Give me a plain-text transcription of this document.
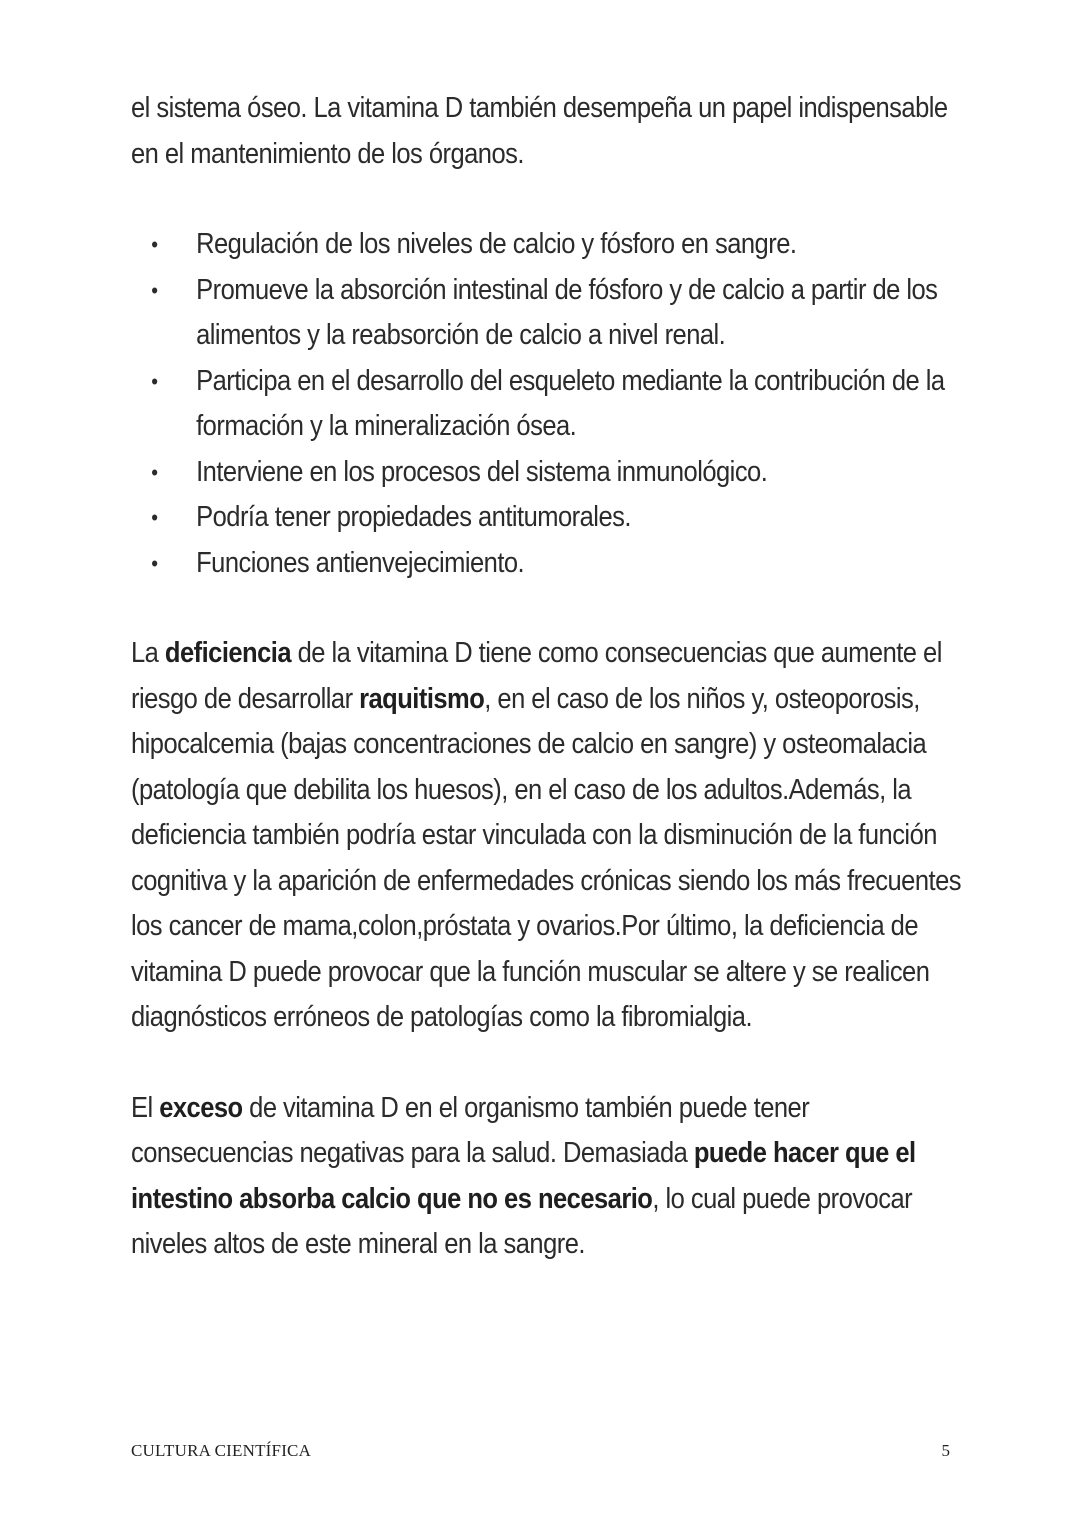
el sistema óseo. La vitamina D también desempeña un papel indispensable en el mantenimiento de los órganos.

• Regulación de los niveles de calcio y fósforo en sangre.
• Promueve la absorción intestinal de fósforo y de calcio a partir de los alimentos y la reabsorción de calcio a nivel renal.
• Participa en el desarrollo del esqueleto mediante la contribución de la formación y la mineralización ósea.
• Interviene en los procesos del sistema inmunológico.
• Podría tener propiedades antitumorales.
• Funciones antienvejecimiento.

La deficiencia de la vitamina D tiene como consecuencias que aumente el riesgo de desarrollar raquitismo, en el caso de los niños y, osteoporosis, hipocalcemia (bajas concentraciones de calcio en sangre) y osteomalacia (patología que debilita los huesos), en el caso de los adultos.Además, la deficiencia también podría estar vinculada con la disminución de la función cognitiva y la aparición de enfermedades crónicas siendo los más frecuentes los cancer de mama,colon,próstata y ovarios.Por último, la deficiencia de vitamina D puede provocar que la función muscular se altere y se realicen diagnósticos erróneos de patologías como la fibromialgia.

El exceso de vitamina D en el organismo también puede tener consecuencias negativas para la salud. Demasiada puede hacer que el intestino absorba calcio que no es necesario, lo cual puede provocar niveles altos de este mineral en la sangre.

CULTURA CIENTÍFICA	5
